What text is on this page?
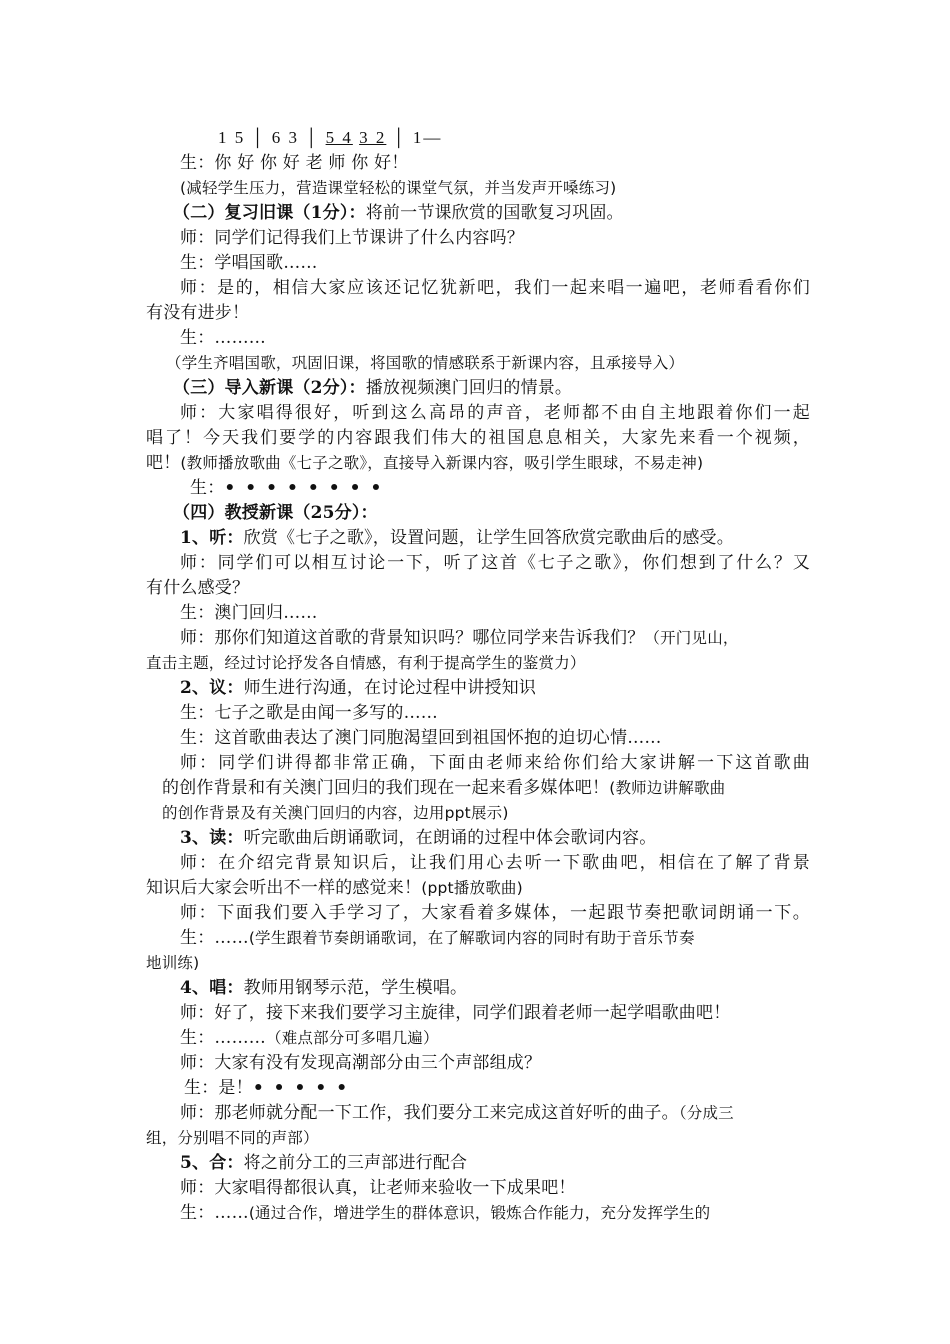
1 5 │ 6 3 │ 5 4 3 2 │ 1—
生：你 好 你 好 老 师 你 好！
(减轻学生压力，营造课堂轻松的课堂气氛，并当发声开嗓练习)
（二）复习旧课（1分）：将前一节课欣赏的国歌复习巩固。
师：同学们记得我们上节课讲了什么内容吗？
生：学唱国歌……
师：是的，相信大家应该还记忆犹新吧，我们一起来唱一遍吧，老师看看你们
有没有进步！
生：………
（学生齐唱国歌，巩固旧课，将国歌的情感联系于新课内容，且承接导入）
（三）导入新课（2分）：播放视频澳门回归的情景。
师：大家唱得很好，听到这么高昂的声音，老师都不由自主地跟着你们一起
唱了！今天我们要学的内容跟我们伟大的祖国息息相关，大家先来看一个视频，
吧！(教师播放歌曲《七子之歌》，直接导入新课内容，吸引学生眼球，不易走神)
生：••••••••
（四）教授新课（25分）：
1、听：欣赏《七子之歌》，设置问题，让学生回答欣赏完歌曲后的感受。
师：同学们可以相互讨论一下，听了这首《七子之歌》，你们想到了什么？又
有什么感受？
生：澳门回归……
师：那你们知道这首歌的背景知识吗？哪位同学来告诉我们？（开门见山，
直击主题，经过讨论抒发各自情感，有利于提高学生的鉴赏力）
2、议：师生进行沟通，在讨论过程中讲授知识
生：七子之歌是由闻一多写的……
生：这首歌曲表达了澳门同胞渴望回到祖国怀抱的迫切心情……
师：同学们讲得都非常正确，下面由老师来给你们给大家讲解一下这首歌曲
的创作背景和有关澳门回归的我们现在一起来看多媒体吧！(教师边讲解歌曲
的创作背景及有关澳门回归的内容，边用ppt展示)
3、读：听完歌曲后朗诵歌词，在朗诵的过程中体会歌词内容。
师：在介绍完背景知识后，让我们用心去听一下歌曲吧，相信在了解了背景
知识后大家会听出不一样的感觉来！(ppt播放歌曲)
师：下面我们要入手学习了，大家看着多媒体，一起跟节奏把歌词朗诵一下。
生：……(学生跟着节奏朗诵歌词，在了解歌词内容的同时有助于音乐节奏
地训练)
4、唱：教师用钢琴示范，学生模唱。
师：好了，接下来我们要学习主旋律，同学们跟着老师一起学唱歌曲吧！
生：………（难点部分可多唱几遍）
师：大家有没有发现高潮部分由三个声部组成？
生：是！•••••
师：那老师就分配一下工作，我们要分工来完成这首好听的曲子。（分成三
组，分别唱不同的声部）
5、合：将之前分工的三声部进行配合
师：大家唱得都很认真，让老师来验收一下成果吧！
生：……(通过合作，增进学生的群体意识，锻炼合作能力，充分发挥学生的
